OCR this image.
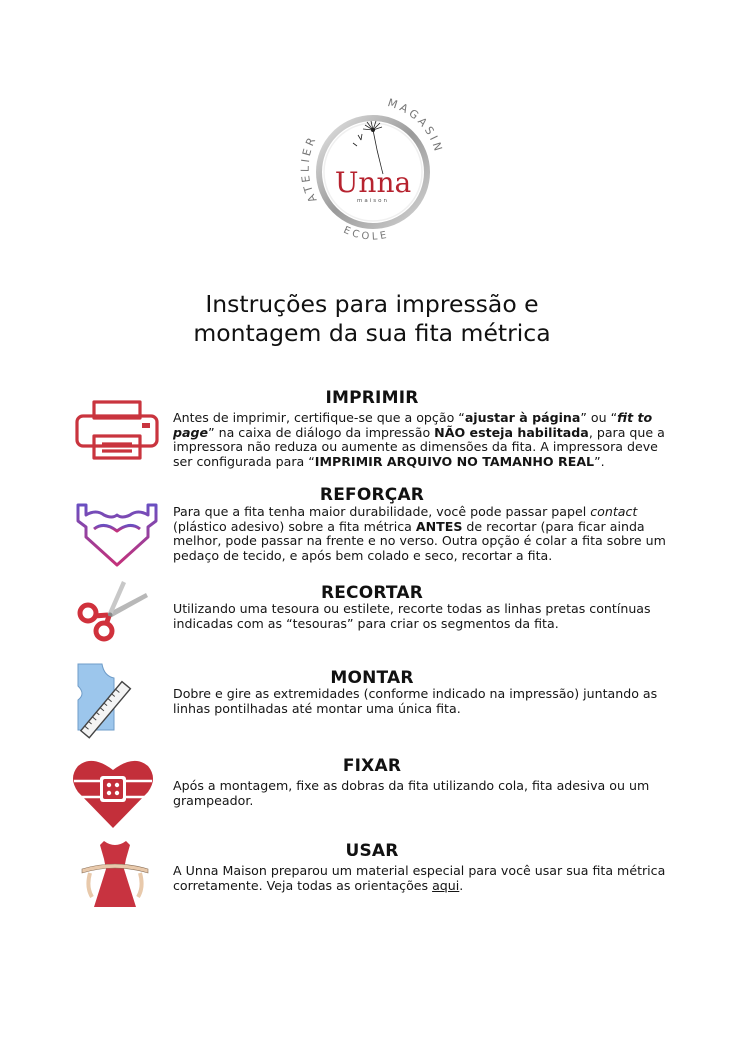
ATELIER
MAGASIN
ECOLE
Unna
maison
Instruções para impressão e
montagem da sua fita métrica
IMPRIMIR
Antes de imprimir, certifique-se que a opção “ajustar à página” ou “fit to page” na caixa de diálogo da impressão NÃO esteja habilitada, para que a impressora não reduza ou aumente as dimensões da fita. A impressora deve ser configurada para “IMPRIMIR ARQUIVO NO TAMANHO REAL”.
REFORÇAR
Para que a fita tenha maior durabilidade, você pode passar papel contact (plástico adesivo) sobre a fita métrica ANTES de recortar (para ficar ainda melhor, pode passar na frente e no verso. Outra opção é colar a fita sobre um pedaço de tecido, e após bem colado e seco, recortar a fita.
RECORTAR
Utilizando uma tesoura ou estilete, recorte todas as linhas pretas contínuas indicadas com as “tesouras” para criar os segmentos da fita.
MONTAR
Dobre e gire as extremidades (conforme indicado na impressão) juntando as linhas pontilhadas até montar uma única fita.
FIXAR
Após a montagem, fixe as dobras da fita utilizando cola, fita adesiva ou um grampeador.
USAR
A Unna Maison preparou um material especial para você usar sua fita métrica corretamente. Veja todas as orientações aqui.
